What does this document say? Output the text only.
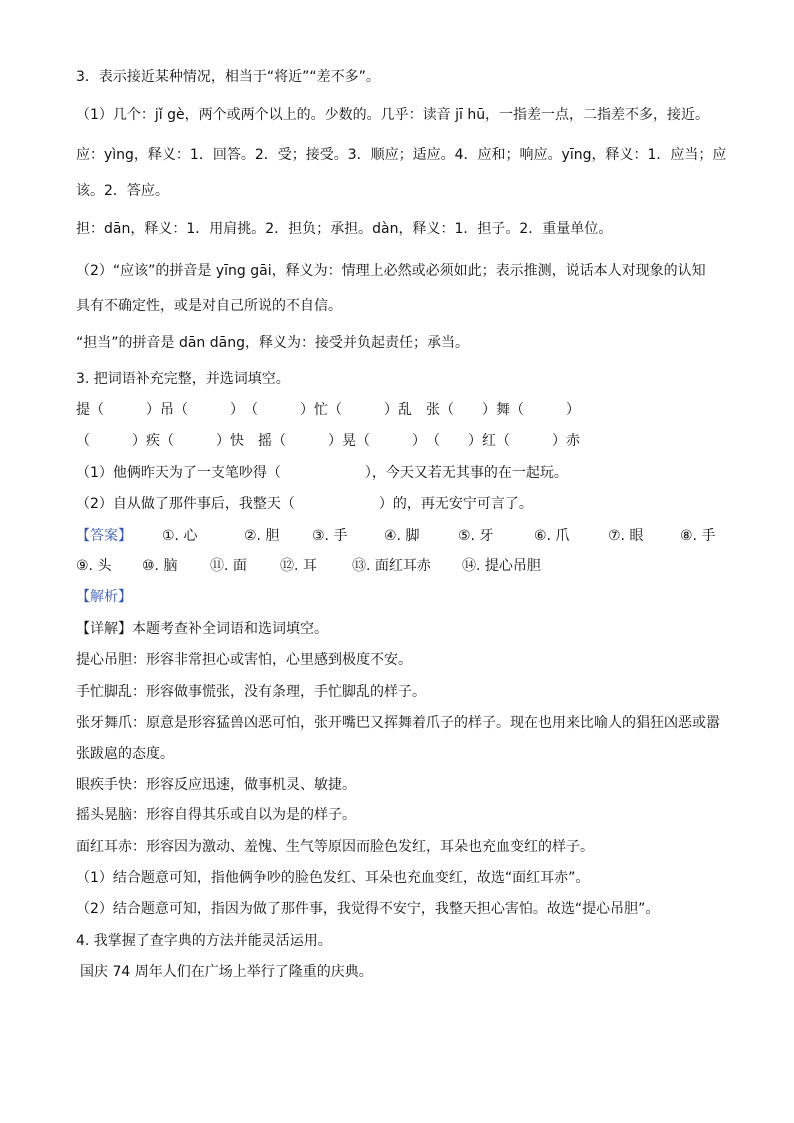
3．表示接近某种情况，相当于“将近”“差不多”。
（1）几个：jǐ gè，两个或两个以上的。少数的。几乎：读音 jī hū，一指差一点，二指差不多，接近。
应：yìng，释义：1．回答。2．受；接受。3．顺应；适应。4．应和；响应。yīng，释义：1．应当；应
该。2．答应。
担：dān，释义：1．用肩挑。2．担负；承担。dàn，释义：1．担子。2．重量单位。
（2）“应该”的拼音是 yīng gāi，释义为：情理上必然或必须如此；表示推测，说话本人对现象的认知
具有不确定性，或是对自己所说的不自信。
“担当”的拼音是 dān dāng，释义为：接受并负起责任；承当。
3. 把词语补充完整，并选词填空。
提（　　　）吊（　　　）　（　　　）忙（　　　）乱　张（　　）舞（　　　）
（　　　）疾（　　　）快　摇（　　　）晃（　　　）　（　　）红（　　　）赤
（1）他俩昨天为了一支笔吵得（　　　　　　），今天又若无其事的在一起玩。
（2）自从做了那件事后，我整天（　　　　　　）的，再无安宁可言了。
【答案】 ①. 心	②. 胆 ③. 手	④. 脚	⑤. 牙	⑥. 爪	⑦. 眼	⑧. 手
⑨. 头 ⑩. 脑 ⑪. 面 ⑫. 耳	⑬. 面红耳赤 ⑭. 提心吊胆
【解析】
【详解】本题考查补全词语和选词填空。
提心吊胆：形容非常担心或害怕，心里感到极度不安。
手忙脚乱：形容做事慌张，没有条理，手忙脚乱的样子。
张牙舞爪：原意是形容猛兽凶恶可怕，张开嘴巴又挥舞着爪子的样子。现在也用来比喻人的猖狂凶恶或嚣
张跋扈的态度。
眼疾手快：形容反应迅速，做事机灵、敏捷。
摇头晃脑：形容自得其乐或自以为是的样子。
面红耳赤：形容因为激动、羞愧、生气等原因而脸色发红，耳朵也充血变红的样子。
（1）结合题意可知，指他俩争吵的脸色发红、耳朵也充血变红，故选“面红耳赤”。
（2）结合题意可知，指因为做了那件事，我觉得不安宁，我整天担心害怕。故选“提心吊胆”。
4. 我掌握了查字典的方法并能灵活运用。
国庆 74 周年人们在广场上举行了隆重的庆典。
